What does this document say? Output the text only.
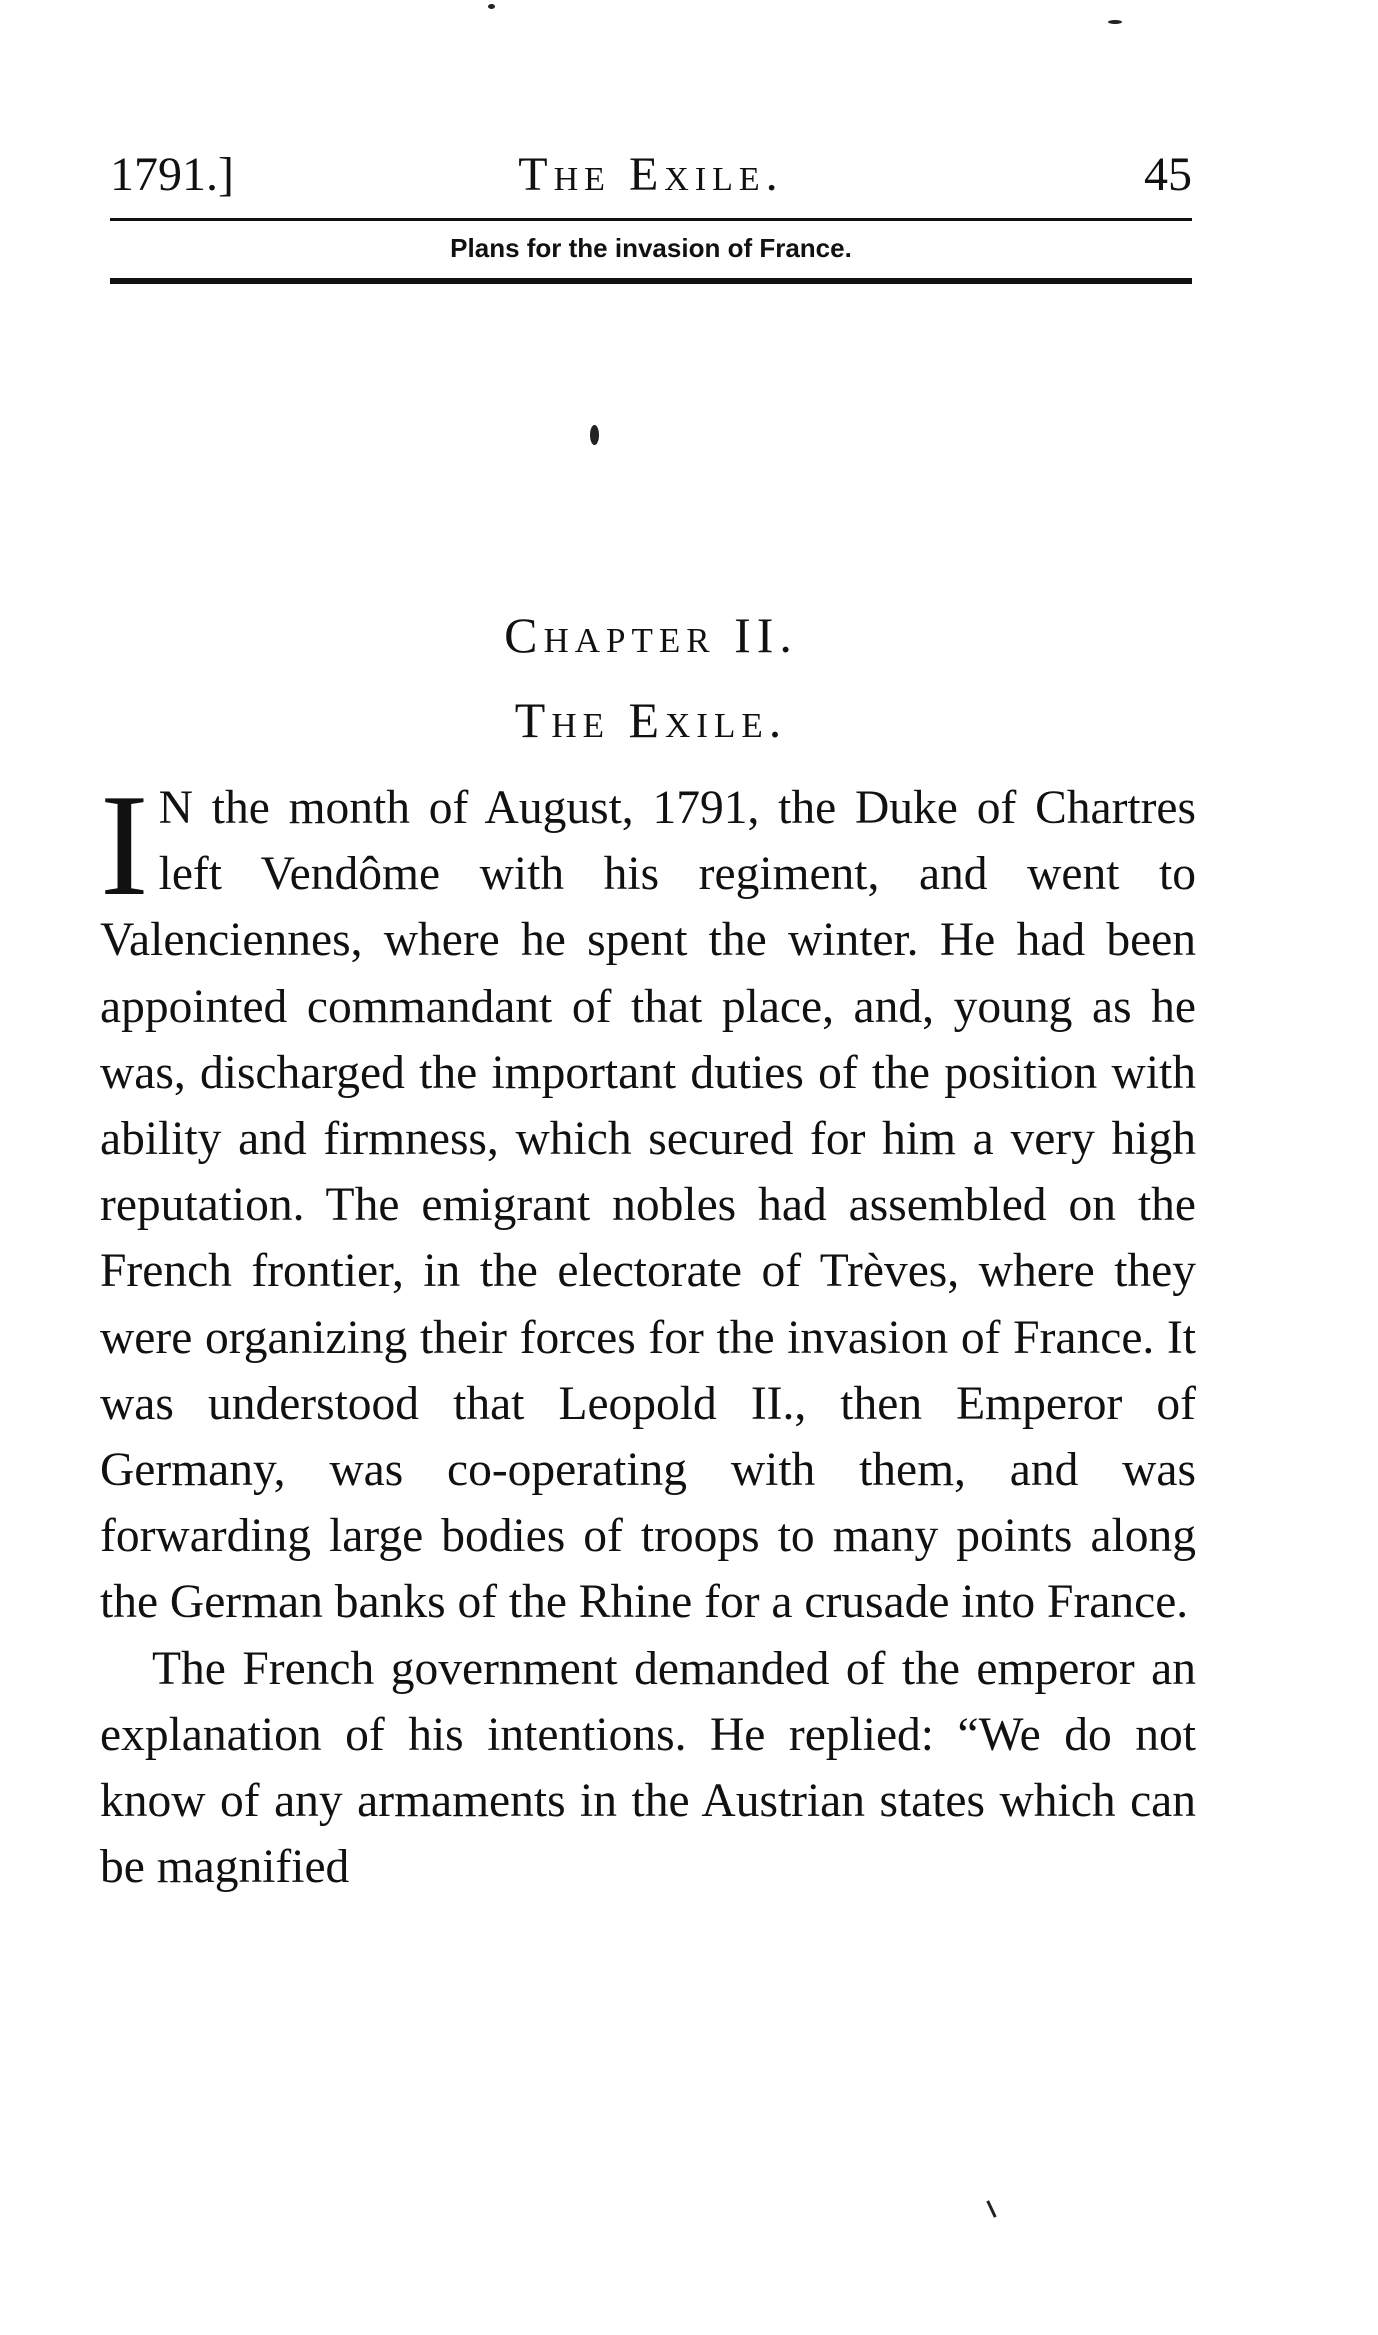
1791.]	The Exile.	45
Plans for the invasion of France.
Chapter II.
The Exile.

I N the month of August, 1791, the Duke of Chartres left Vendôme with his regiment, and went to Valenciennes, where he spent the winter. He had been appointed commandant of that place, and, young as he was, discharged the important duties of the position with ability and firmness, which secured for him a very high reputation. The emigrant nobles had assembled on the French frontier, in the electorate of Trèves, where they were organizing their forces for the invasion of France. It was understood that Leopold II., then Emperor of Germany, was co-operating with them, and was forwarding large bodies of troops to many points along the German banks of the Rhine for a crusade into France.

The French government demanded of the emperor an explanation of his intentions. He replied: “We do not know of any armaments in the Austrian states which can be magnified
